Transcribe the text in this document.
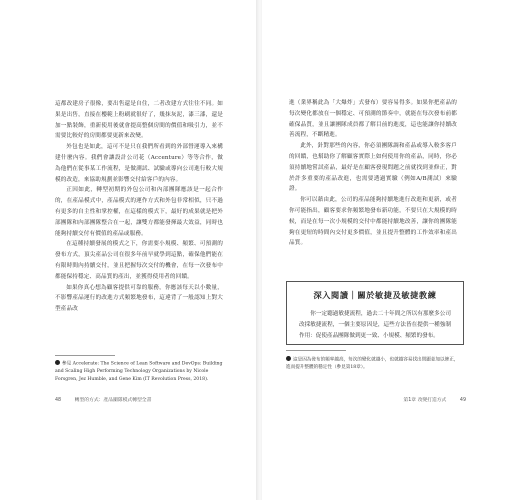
這都改建房子很像，要出售還是自住，二者改建方式往往不同。如果是出售，直接在樓範上粉刷就很好了，幾抹灰泥，漆三漆，還是加一點裝飾，重新使用後就會提高整個房間的價值和吸引力，並不需要比較好的房間都要更新來改變。

外包也是如此，這可不是只在我們所看到的外部營運導入來構建什麼內容。我們會讓設計公司花（Accenture）等等合作，做為他們在從事某工作流程，是做測試、試驗或導向公司進行較大規模的改造，來協助規劃並影響交付給客戶的內容。

正因如此，轉型初期的外包公司和內部團隊應該是一起合作的，在產品模式中，產品模式的運作方式和外包非常相似，只不過有更多的自主性和掌控權，在這樣的模式下，最好的成果就是把外部團隊和內部團隊整合在一起，讓雙方都能發揮最大效益，同時也能夠持續交付有價值的產品或服務。

在這種持續發展的模式之下，你需要小規模、頻繁、可預測的發布方式，頂尖產品公司在很多年前早就學到這點，確保他們能在有限時間內持續交付，並且把握每次交付的機會，在每一次發布中都能保持穩定、高品質的產出，並獲得使用者的回饋。

如果你真心想為顧客提供可靠的服務，你應該每天以小數量，不影響產品運行的改進方式頻繁地發布，這違背了一般認知上對大型產品改

參見 Accelerate: The Science of Lean Software and DevOps: Building and Scaling High Performing Technology Organizations by Nicole Forsgren, Jez Humble, and Gene Kim (IT Revolution Press, 2018).
48	轉型的方式：產品團隊模式轉型全書

進（業界稱此為「大爆炸」式發布）要容易得多。如果你把產品的每次變化都放在一個穩定、可預測的節奏中，就能在每次發布前都確保品質，並且讓團隊成員都了解目前的進度，這也能讓你持續改善流程，不斷精進。

此外，針對那些的內容，你必須團隊調和產品或導入較多客戶的回饋，也幫助你了解顧客實際上如何使用你的產品，同時，你必須持續地嘗試產品，最好是在顧客發現問題之前就找到並修正，對於許多重要的產品改進，也需要透過實驗（例如A/B測試）來驗證。

你可以藉由此，公司的產品能夠持續地進行改進和更新，或者你可能指出，顧客要求你頻繁地發布新功能，不要只在大規模的時候，而是在每一次小規模的交付中都能持續地改善，讓你的團隊能夠在更短的時間內交付更多價值，並且提升整體的工作效率和產出品質。

深入閱讀｜關於敏捷及敏捷教練

你一定聽過敏捷流程，過去二十年間之所以有那麼多公司改採敏捷流程，一個主要原因是，這些方法皆在提供一種強制作用：促使產品團隊做到更一致、小規模、頻繁的發布。

這是因為發布的頻率越高，每次的變化就越小，也就越容易找出問題並加以修正，進而提升整體的穩定性（參見第18章）。
第1章 改變打造方式	49
